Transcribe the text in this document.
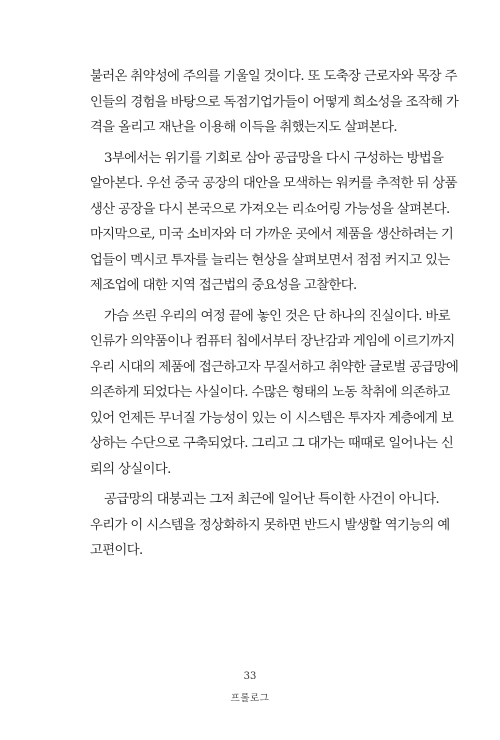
불러온 취약성에 주의를 기울일 것이다. 또 도축장 근로자와 목장 주
인들의 경험을 바탕으로 독점기업가들이 어떻게 희소성을 조작해 가
격을 올리고 재난을 이용해 이득을 취했는지도 살펴본다.
3부에서는 위기를 기회로 삼아 공급망을 다시 구성하는 방법을
알아본다. 우선 중국 공장의 대안을 모색하는 워커를 추적한 뒤 상품
생산 공장을 다시 본국으로 가져오는 리쇼어링 가능성을 살펴본다.
마지막으로, 미국 소비자와 더 가까운 곳에서 제품을 생산하려는 기
업들이 멕시코 투자를 늘리는 현상을 살펴보면서 점점 커지고 있는
제조업에 대한 지역 접근법의 중요성을 고찰한다.
가슴 쓰린 우리의 여정 끝에 놓인 것은 단 하나의 진실이다. 바로
인류가 의약품이나 컴퓨터 칩에서부터 장난감과 게임에 이르기까지
우리 시대의 제품에 접근하고자 무질서하고 취약한 글로벌 공급망에
의존하게 되었다는 사실이다. 수많은 형태의 노동 착취에 의존하고
있어 언제든 무너질 가능성이 있는 이 시스템은 투자자 계층에게 보
상하는 수단으로 구축되었다. 그리고 그 대가는 때때로 일어나는 신
뢰의 상실이다.
공급망의 대붕괴는 그저 최근에 일어난 특이한 사건이 아니다.
우리가 이 시스템을 정상화하지 못하면 반드시 발생할 역기능의 예
고편이다.
33
프롤로그
